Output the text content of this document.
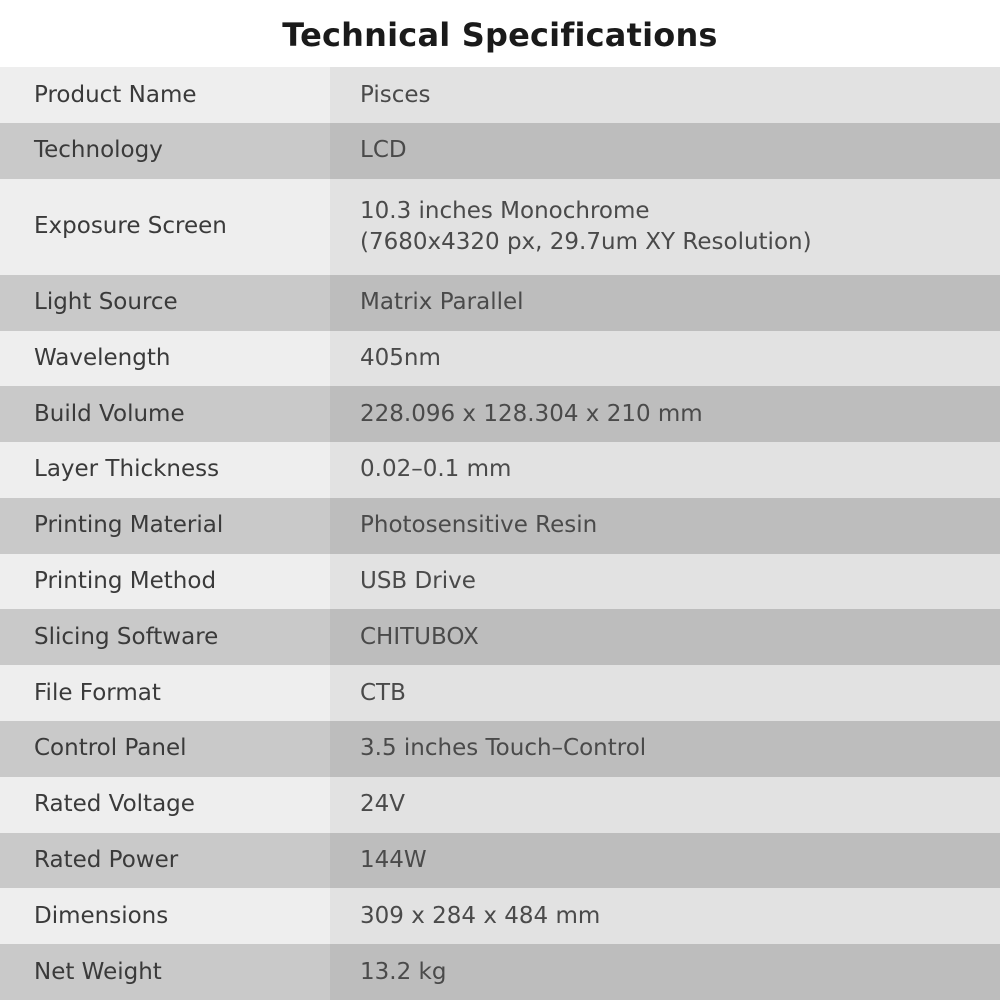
Technical Specifications
Product Name	Pisces
Technology	LCD
Exposure Screen	10.3 inches Monochrome
(7680x4320 px, 29.7um XY Resolution)

Light Source	Matrix Parallel
Wavelength	405nm
Build Volume	228.096 x 128.304 x 210 mm
Layer Thickness	0.02–0.1 mm
Printing Material	Photosensitive Resin
Printing Method	USB Drive
Slicing Software	CHITUBOX
File Format	CTB
Control Panel	3.5 inches Touch–Control
Rated Voltage	24V
Rated Power	144W
Dimensions	309 x 284 x 484 mm
Net Weight	13.2 kg
